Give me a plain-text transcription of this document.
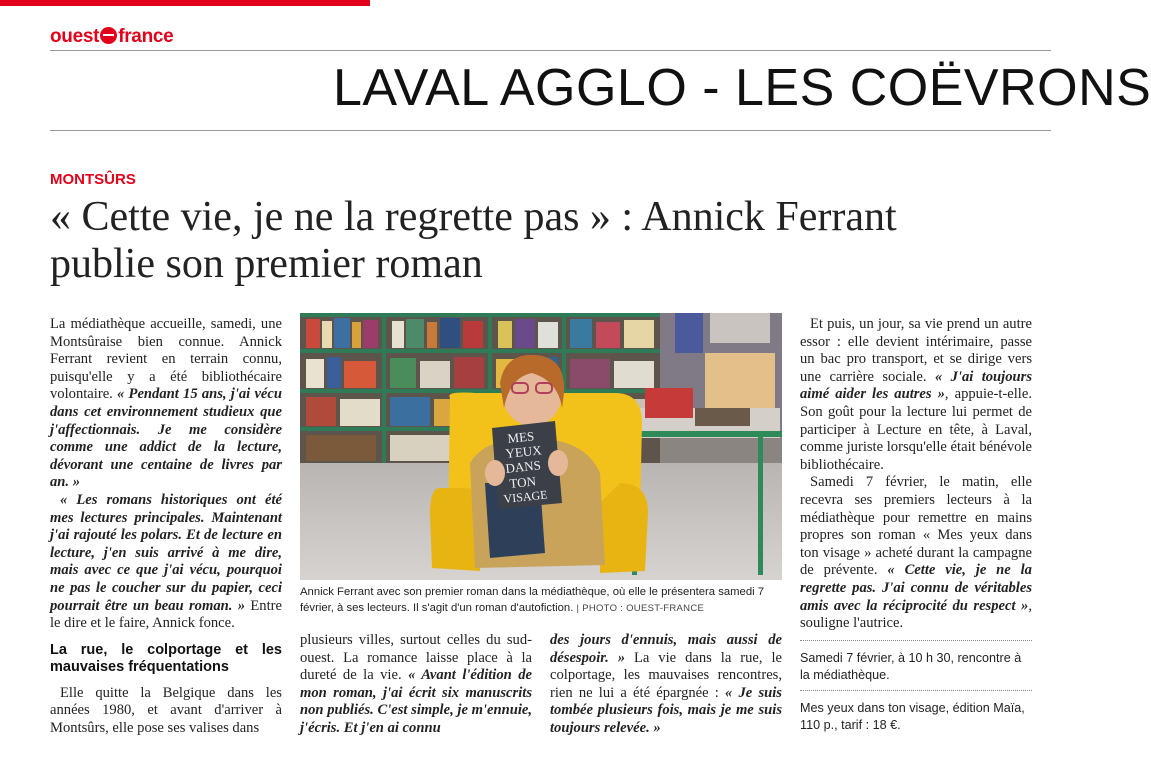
ouest france
LAVAL AGGLO - LES COËVRONS
MONTSÛRS
« Cette vie, je ne la regrette pas » : Annick Ferrant publie son premier roman

La médiathèque accueille, samedi, une Montsûraise bien connue. Annick Ferrant revient en terrain connu, puisqu'elle y a été bibliothécaire volontaire. « Pendant 15 ans, j'ai vécu dans cet environnement studieux que j'affectionnais. Je me considère comme une addict de la lecture, dévorant une centaine de livres par an. »

« Les romans historiques ont été mes lectures principales. Maintenant j'ai rajouté les polars. Et de lecture en lecture, j'en suis arrivé à me dire, mais avec ce que j'ai vécu, pourquoi ne pas le coucher sur du papier, ceci pourrait être un beau roman. » Entre le dire et le faire, Annick fonce.

La rue, le colportage et les mauvaises fréquentations

Elle quitte la Belgique dans les années 1980, et avant d'arriver à Montsûrs, elle pose ses valises dans

MES
YEUX
DANS
TON
VISAGE
Annick Ferrant avec son premier roman dans la médiathèque, où elle le présentera samedi 7 février, à ses lecteurs. Il s'agit d'un roman d'autofiction. | PHOTO : OUEST-FRANCE

plusieurs villes, surtout celles du sud-ouest. La romance laisse place à la dureté de la vie. « Avant l'édition de mon roman, j'ai écrit six manuscrits non publiés. C'est simple, je m'ennuie, j'écris. Et j'en ai connu

des jours d'ennuis, mais aussi de désespoir. » La vie dans la rue, le colportage, les mauvaises rencontres, rien ne lui a été épargnée : « Je suis tombée plusieurs fois, mais je me suis toujours relevée. »

Et puis, un jour, sa vie prend un autre essor : elle devient intérimaire, passe un bac pro transport, et se dirige vers une carrière sociale. « J'ai toujours aimé aider les autres », appuie-t-elle. Son goût pour la lecture lui permet de participer à Lecture en tête, à Laval, comme juriste lorsqu'elle était bénévole bibliothécaire.

Samedi 7 février, le matin, elle recevra ses premiers lecteurs à la médiathèque pour remettre en mains propres son roman « Mes yeux dans ton visage » acheté durant la campagne de prévente. « Cette vie, je ne la regrette pas. J'ai connu de véritables amis avec la réciprocité du respect », souligne l'autrice.

Samedi 7 février, à 10 h 30, rencontre à la médiathèque.
Mes yeux dans ton visage, édition Maïa, 110 p., tarif : 18 €.
